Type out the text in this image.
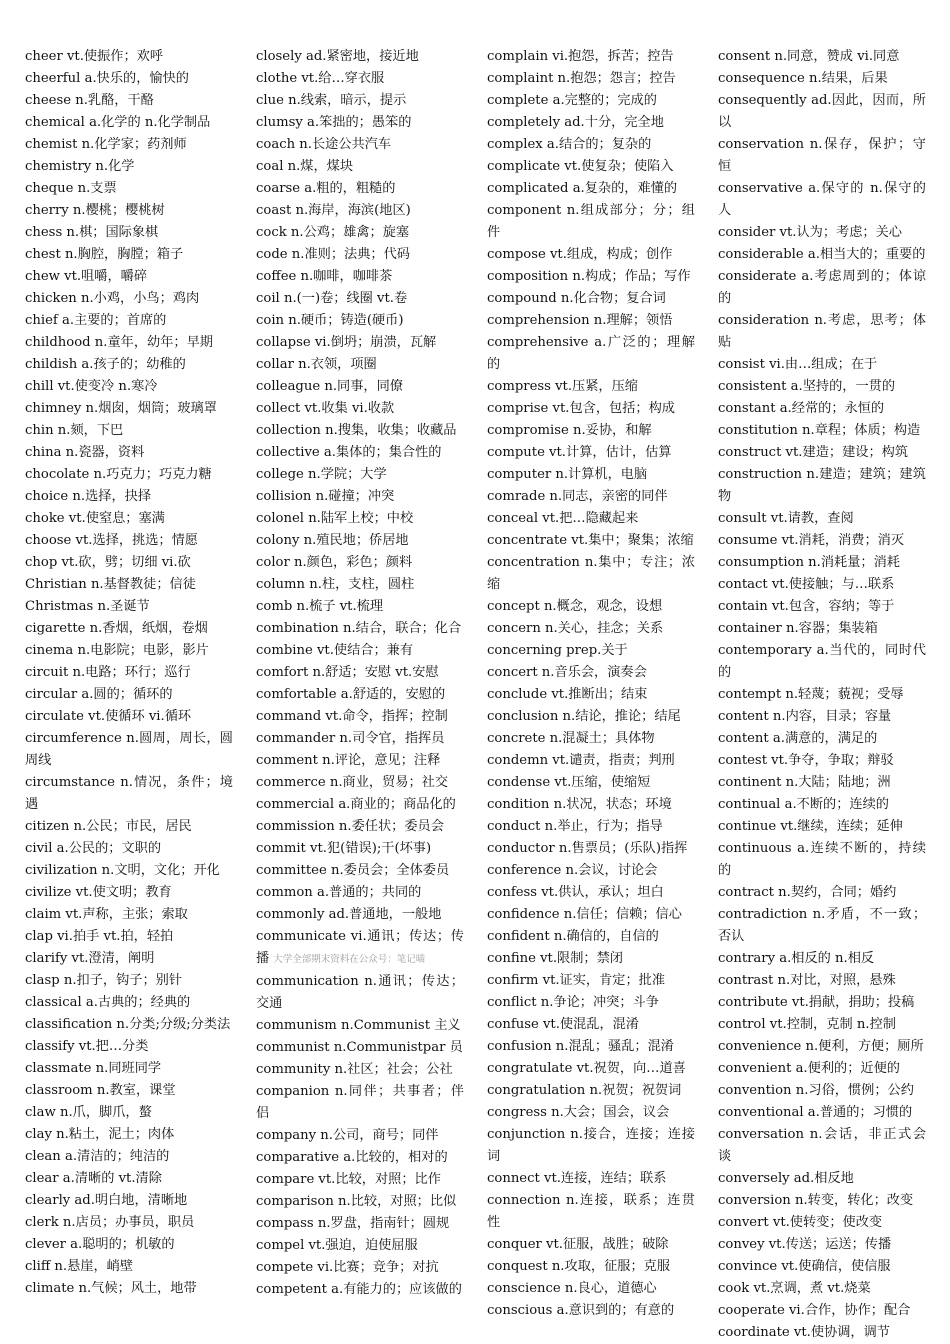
cheer vt.使振作；欢呼
cheerful a.快乐的，愉快的
cheese n.乳酪，干酪
chemical a.化学的 n.化学制品
chemist n.化学家；药剂师
chemistry n.化学
cheque n.支票
cherry n.樱桃；樱桃树
chess n.棋；国际象棋
chest n.胸腔，胸膛；箱子
chew vt.咀嚼，嚼碎
chicken n.小鸡，小鸟；鸡肉
chief a.主要的；首席的
childhood n.童年，幼年；早期
childish a.孩子的；幼稚的
chill vt.使变冷 n.寒冷
chimney n.烟囱，烟筒；玻璃罩
chin n.颏，下巴
china n.瓷器，资料
chocolate n.巧克力；巧克力糖
choice n.选择，抉择
choke vt.使窒息；塞满
choose vt.选择，挑选；情愿
chop vt.砍，劈；切细 vi.砍
Christian n.基督教徒；信徒
Christmas n.圣诞节
cigarette n.香烟，纸烟，卷烟
cinema n.电影院；电影，影片
circuit n.电路；环行；巡行
circular a.圆的；循环的
circulate vt.使循环 vi.循环
circumference n.圆周，周长，圆周线
circumstance n.情况，条件；境遇
citizen n.公民；市民，居民
civil a.公民的；文职的
civilization n.文明，文化；开化
civilize vt.使文明；教育
claim vt.声称，主张；索取
clap vi.拍手 vt.拍，轻拍
clarify vt.澄清，阐明
clasp n.扣子，钩子；别针
classical a.古典的；经典的
classification n.分类;分级;分类法
classify vt.把…分类
classmate n.同班同学
classroom n.教室，课堂
claw n.爪，脚爪，螯
clay n.粘土，泥土；肉体
clean a.清洁的；纯洁的
clear a.清晰的 vt.清除
clearly ad.明白地，清晰地
clerk n.店员；办事员，职员
clever a.聪明的；机敏的
cliff n.悬崖，峭壁
climate n.气候；风土，地带
closely ad.紧密地，接近地
clothe vt.给…穿衣服
clue n.线索，暗示，提示
clumsy a.笨拙的；愚笨的
coach n.长途公共汽车
coal n.煤，煤块
coarse a.粗的，粗糙的
coast n.海岸，海滨(地区)
cock n.公鸡；雄禽；旋塞
code n.准则；法典；代码
coffee n.咖啡，咖啡茶
coil n.(一)卷；线圈 vt.卷
coin n.硬币；铸造(硬币)
collapse vi.倒坍；崩溃，瓦解
collar n.衣领，项圈
colleague n.同事，同僚
collect vt.收集 vi.收款
collection n.搜集，收集；收藏品
collective a.集体的；集合性的
college n.学院；大学
collision n.碰撞；冲突
colonel n.陆军上校；中校
colony n.殖民地；侨居地
color n.颜色，彩色；颜料
column n.柱，支柱，圆柱
comb n.梳子 vt.梳理
combination n.结合，联合；化合
combine vt.使结合；兼有
comfort n.舒适；安慰 vt.安慰
comfortable a.舒适的，安慰的
command vt.命令，指挥；控制
commander n.司令官，指挥员
comment n.评论，意见；注释
commerce n.商业，贸易；社交
commercial a.商业的；商品化的
commission n.委任状；委员会
commit vt.犯(错误);干(坏事)
committee n.委员会；全体委员
common a.普通的；共同的
commonly ad.普通地，一般地
communicate vi.通讯；传达；传播 大学全部期末资料在公众号：笔记喵
communication n.通讯；传达；交通
communism n.Communist 主义
communist n.Communistpar 员
community n.社区；社会；公社
companion n.同伴；共事者；伴侣
company n.公司，商号；同伴
comparative a.比较的，相对的
compare vt.比较，对照；比作
comparison n.比较，对照；比似
compass n.罗盘，指南针；圆规
compel vt.强迫，迫使屈服
compete vi.比赛；竞争；对抗
competent a.有能力的；应该做的
complain vi.抱怨，拆苦；控告
complaint n.抱怨；怨言；控告
complete a.完整的；完成的
completely ad.十分，完全地
complex a.结合的；复杂的
complicate vt.使复杂；使陷入
complicated a.复杂的，难懂的
component n.组成部分；分；组件
compose vt.组成，构成；创作
composition n.构成；作品；写作
compound n.化合物；复合词
comprehension n.理解；领悟
comprehensive a.广泛的；理解的
compress vt.压紧，压缩
comprise vt.包含，包括；构成
compromise n.妥协，和解
compute vt.计算，估计，估算
computer n.计算机，电脑
comrade n.同志，亲密的同伴
conceal vt.把…隐藏起来
concentrate vt.集中；聚集；浓缩
concentration n.集中；专注；浓缩
concept n.概念，观念，设想
concern n.关心，挂念；关系
concerning prep.关于
concert n.音乐会，演奏会
conclude vt.推断出；结束
conclusion n.结论，推论；结尾
concrete n.混凝土；具体物
condemn vt.谴责，指责；判刑
condense vt.压缩，使缩短
condition n.状况，状态；环境
conduct n.举止，行为；指导
conductor n.售票员；(乐队)指挥
conference n.会议，讨论会
confess vt.供认，承认；坦白
confidence n.信任；信赖；信心
confident n.确信的，自信的
confine vt.限制；禁闭
confirm vt.证实，肯定；批准
conflict n.争论；冲突；斗争
confuse vt.使混乱，混淆
confusion n.混乱；骚乱；混淆
congratulate vt.祝贺，向…道喜
congratulation n.祝贺；祝贺词
congress n.大会；国会，议会
conjunction n.接合，连接；连接词
connect vt.连接，连结；联系
connection n.连接，联系；连贯性
conquer vt.征服，战胜；破除
conquest n.攻取，征服；克服
conscience n.良心，道德心
conscious a.意识到的；有意的
consent n.同意，赞成 vi.同意
consequence n.结果，后果
consequently ad.因此，因而，所以
conservation n.保存，保护；守恒
conservative a.保守的 n.保守的人
consider vt.认为；考虑；关心
considerable a.相当大的；重要的
considerate a.考虑周到的；体谅的
consideration n.考虑，思考；体贴
consist vi.由…组成；在于
consistent a.坚持的，一贯的
constant a.经常的；永恒的
constitution n.章程；体质；构造
construct vt.建造；建设；构筑
construction n.建造；建筑；建筑物
consult vt.请教，查阅
consume vt.消耗，消费；消灭
consumption n.消耗量；消耗
contact vt.使接触；与…联系
contain vt.包含，容纳；等于
container n.容器；集装箱
contemporary a.当代的，同时代的
contempt n.轻蔑；藐视；受辱
content n.内容，目录；容量
content a.满意的，满足的
contest vt.争夺，争取；辩驳
continent n.大陆；陆地；洲
continual a.不断的；连续的
continue vt.继续，连续；延伸
continuous a.连续不断的，持续的
contract n.契约，合同；婚约
contradiction n.矛盾，不一致；否认
contrary a.相反的 n.相反
contrast n.对比，对照，悬殊
contribute vt.捐献，捐助；投稿
control vt.控制，克制 n.控制
convenience n.便利，方便；厕所
convenient a.便利的；近便的
convention n.习俗，惯例；公约
conventional a.普通的；习惯的
conversation n.会话，非正式会谈
conversely ad.相反地
conversion n.转变，转化；改变
convert vt.使转变；使改变
convey vt.传送；运送；传播
convince vt.使确信，使信服
cook vt.烹调，煮 vt.烧菜
cooperate vi.合作，协作；配合
coordinate vt.使协调，调节
